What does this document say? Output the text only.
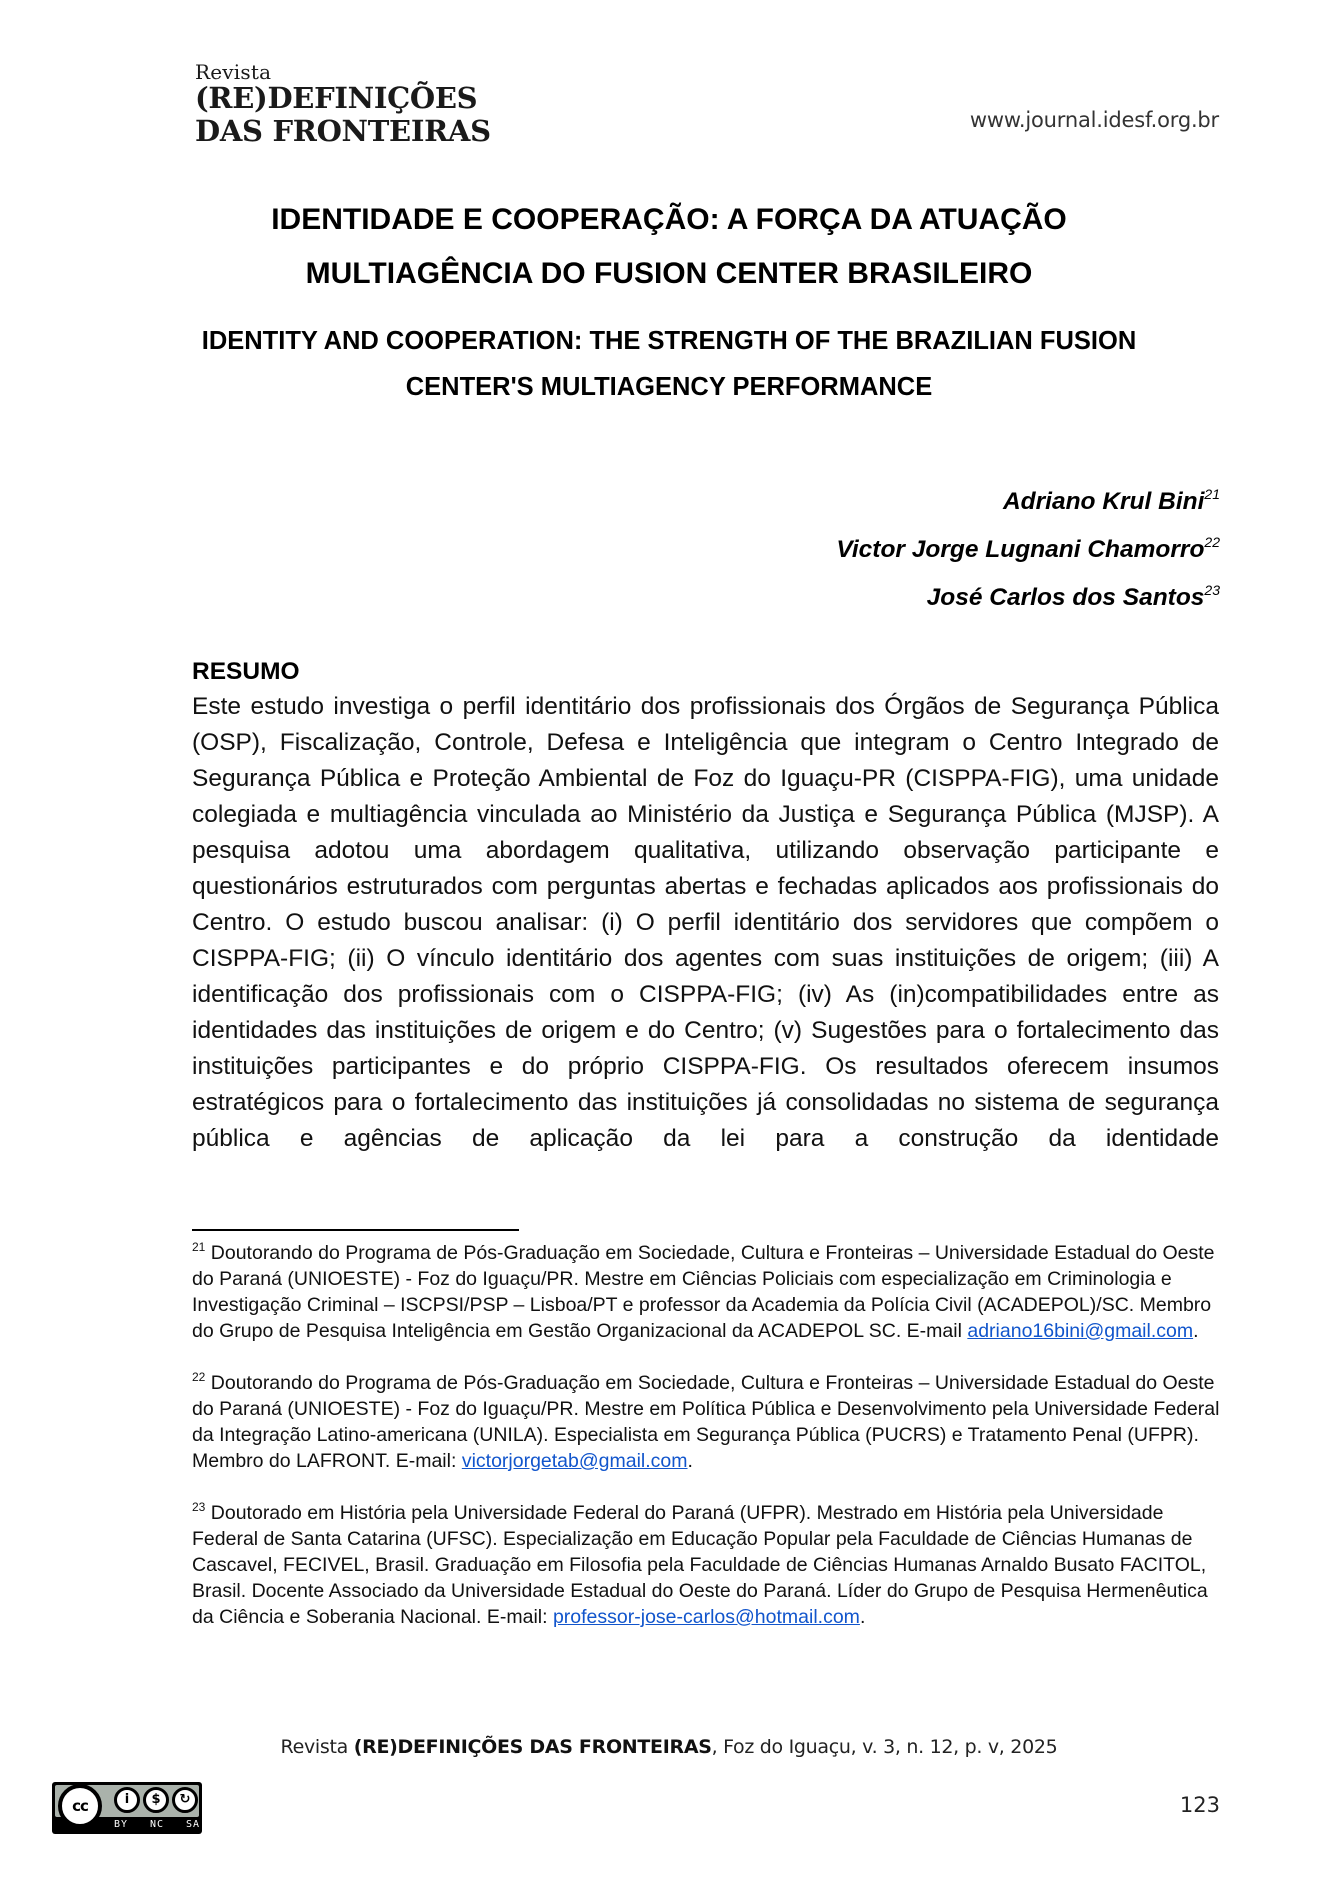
Revista
(RE)DEFINIÇÕES
DAS FRONTEIRAS	www.journal.idesf.org.br
IDENTIDADE E COOPERAÇÃO: A FORÇA DA ATUAÇÃO
MULTIAGÊNCIA DO FUSION CENTER BRASILEIRO
IDENTITY AND COOPERATION: THE STRENGTH OF THE BRAZILIAN FUSION
CENTER'S MULTIAGENCY PERFORMANCE
Adriano Krul Bini$^{21}$
Victor Jorge Lugnani Chamorro$^{22}$
José Carlos dos Santos$^{23}$
RESUMO

Este estudo investiga o perfil identitário dos profissionais dos Órgãos de Segurança Pública (OSP), Fiscalização, Controle, Defesa e Inteligência que integram o Centro Integrado de Segurança Pública e Proteção Ambiental de Foz do Iguaçu-PR (CISPPA-FIG), uma unidade colegiada e multiagência vinculada ao Ministério da Justiça e Segurança Pública (MJSP). A pesquisa adotou uma abordagem qualitativa, utilizando observação participante e questionários estruturados com perguntas abertas e fechadas aplicados aos profissionais do Centro. O estudo buscou analisar: (i) O perfil identitário dos servidores que compõem o CISPPA-FIG; (ii) O vínculo identitário dos agentes com suas instituições de origem; (iii) A identificação dos profissionais com o CISPPA-FIG; (iv) As (in)compatibilidades entre as identidades das instituições de origem e do Centro; (v) Sugestões para o fortalecimento das instituições participantes e do próprio CISPPA-FIG. Os resultados oferecem insumos estratégicos para o fortalecimento das instituições já consolidadas no sistema de segurança pública e agências de aplicação da lei para a construção da identidade

$^{21}$ Doutorando do Programa de Pós-Graduação em Sociedade, Cultura e Fronteiras – Universidade Estadual do Oeste do Paraná (UNIOESTE) - Foz do Iguaçu/PR. Mestre em Ciências Policiais com especialização em Criminologia e Investigação Criminal – ISCPSI/PSP – Lisboa/PT e professor da Academia da Polícia Civil (ACADEPOL)/SC. Membro do Grupo de Pesquisa Inteligência em Gestão Organizacional da ACADEPOL SC. E-mail adriano16bini@gmail.com.

$^{22}$ Doutorando do Programa de Pós-Graduação em Sociedade, Cultura e Fronteiras – Universidade Estadual do Oeste do Paraná (UNIOESTE) - Foz do Iguaçu/PR. Mestre em Política Pública e Desenvolvimento pela Universidade Federal da Integração Latino-americana (UNILA). Especialista em Segurança Pública (PUCRS) e Tratamento Penal (UFPR). Membro do LAFRONT. E-mail: victorjorgetab@gmail.com.

$^{23}$ Doutorado em História pela Universidade Federal do Paraná (UFPR). Mestrado em História pela Universidade Federal de Santa Catarina (UFSC). Especialização em Educação Popular pela Faculdade de Ciências Humanas de Cascavel, FECIVEL, Brasil. Graduação em Filosofia pela Faculdade de Ciências Humanas Arnaldo Busato FACITOL, Brasil. Docente Associado da Universidade Estadual do Oeste do Paraná. Líder do Grupo de Pesquisa Hermenêutica da Ciência e Soberania Nacional. E-mail: professor-jose-carlos@hotmail.com.

Revista (RE)DEFINIÇÕES DAS FRONTEIRAS, Foz do Iguaçu, v. 3, n. 12, p. v, 2025
cc	i	$	↻
BY NC SA
123
